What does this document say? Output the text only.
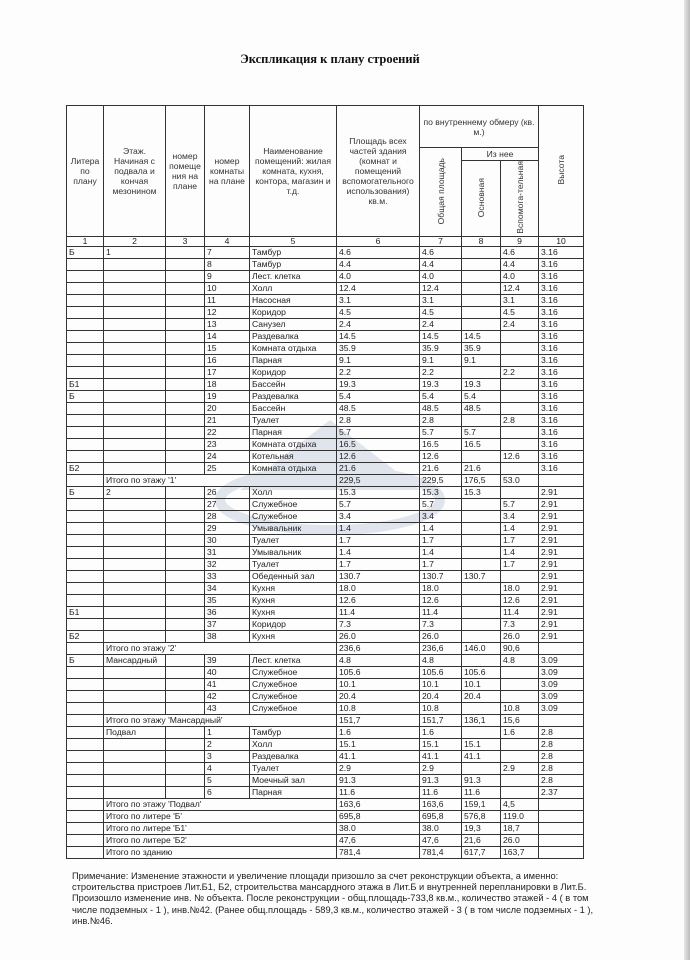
Экспликация к плану строений
Литера по плану	Этаж. Начиная с подвала и кончая мезонином	номер помеще ния на плане	номер комнаты на плане	Наименование помещений: жилая комната, кухня, контора, магазин и т.д.	Площадь всех частей здания (комнат и помещений вспомогательного использования) кв.м.	по внутреннему обмеру (кв. м.)			Высота
						Общая площадь	Из нее		
							Основная	Вспомога-тельная	
1	2	3	4	5	6	7	8	9	10
Б	1		7	Тамбур	4.6	4.6		4.6	3.16
			8	Тамбур	4.4	4.4		4.4	3.16
			9	Лест. клетка	4.0	4.0		4.0	3.16
			10	Холл	12.4	12.4		12.4	3.16
			11	Насосная	3.1	3.1		3.1	3.16
			12	Коридор	4.5	4.5		4.5	3.16
			13	Санузел	2.4	2.4		2.4	3.16
			14	Раздевалка	14.5	14.5	14.5		3.16
			15	Комната отдыха	35.9	35.9	35.9		3.16
			16	Парная	9.1	9.1	9.1		3.16
			17	Коридор	2.2	2.2		2.2	3.16
Б1			18	Бассейн	19.3	19.3	19.3		3.16
Б			19	Раздевалка	5.4	5.4	5.4		3.16
			20	Бассейн	48.5	48.5	48.5		3.16
			21	Туалет	2.8	2.8		2.8	3.16
			22	Парная	5.7	5.7	5.7		3.16
			23	Комната отдыха	16.5	16.5	16.5		3.16
			24	Котельная	12.6	12.6		12.6	3.16
Б2			25	Комната отдыха	21.6	21.6	21.6		3.16
	Итого по этажу '1'				229,5	229,5	176,5	53.0	
Б	2		26	Холл	15.3	15.3	15.3		2.91
			27	Служебное	5.7	5.7		5.7	2.91
			28	Служебное	3.4	3.4		3.4	2.91
			29	Умывальник	1.4	1.4		1.4	2.91
			30	Туалет	1.7	1.7		1.7	2.91
			31	Умывальник	1.4	1.4		1.4	2.91
			32	Туалет	1.7	1.7		1.7	2.91
			33	Обеденный зал	130.7	130.7	130.7		2.91
			34	Кухня	18.0	18.0		18.0	2.91
			35	Кухня	12.6	12.6		12.6	2.91
Б1			36	Кухня	11.4	11.4		11.4	2.91
			37	Коридор	7.3	7.3		7.3	2.91
Б2			38	Кухня	26.0	26.0		26.0	2.91
	Итого по этажу '2'				236,6	236,6	146.0	90,6	
Б	Мансардный		39	Лест. клетка	4.8	4.8		4.8	3.09
			40	Служебное	105.6	105.6	105.6		3.09
			41	Служебное	10.1	10.1	10.1		3.09
			42	Служебное	20.4	20.4	20.4		3.09
			43	Служебное	10.8	10.8		10.8	3.09
	Итого по этажу 'Мансардный'				151,7	151,7	136,1	15,6	
	Подвал		1	Тамбур	1.6	1.6		1.6	2.8
			2	Холл	15.1	15.1	15.1		2.8
			3	Раздевалка	41.1	41.1	41.1		2.8
			4	Туалет	2.9	2.9		2.9	2.8
			5	Моечный зал	91.3	91.3	91.3		2.8
			6	Парная	11.6	11.6	11.6		2.37
	Итого по этажу 'Подвал'				163,6	163,6	159,1	4,5	
	Итого по литере 'Б'				695,8	695,8	576,8	119.0	
	Итого по литере 'Б1'				38.0	38.0	19,3	18,7	
	Итого по литере 'Б2'				47,6	47,6	21,6	26.0	
	Итого по зданию				781,4	781,4	617,7	163,7	

Примечание: Изменение этажности и увеличение площади призошло за счет реконструкции объекта, а именно: строительства пристроев Лит.Б1, Б2, строительства мансардного этажа в Лит.Б и внутренней перепланировки в Лит.Б. Произошло изменение инв. № объекта. После реконструкции - общ.площадь-733,8 кв.м., количество этажей - 4 ( в том числе подземных - 1 ), инв.№42. (Ранее общ.площадь - 589,3 кв.м., количество этажей - 3 ( в том числе подземных - 1 ), инв.№46.
